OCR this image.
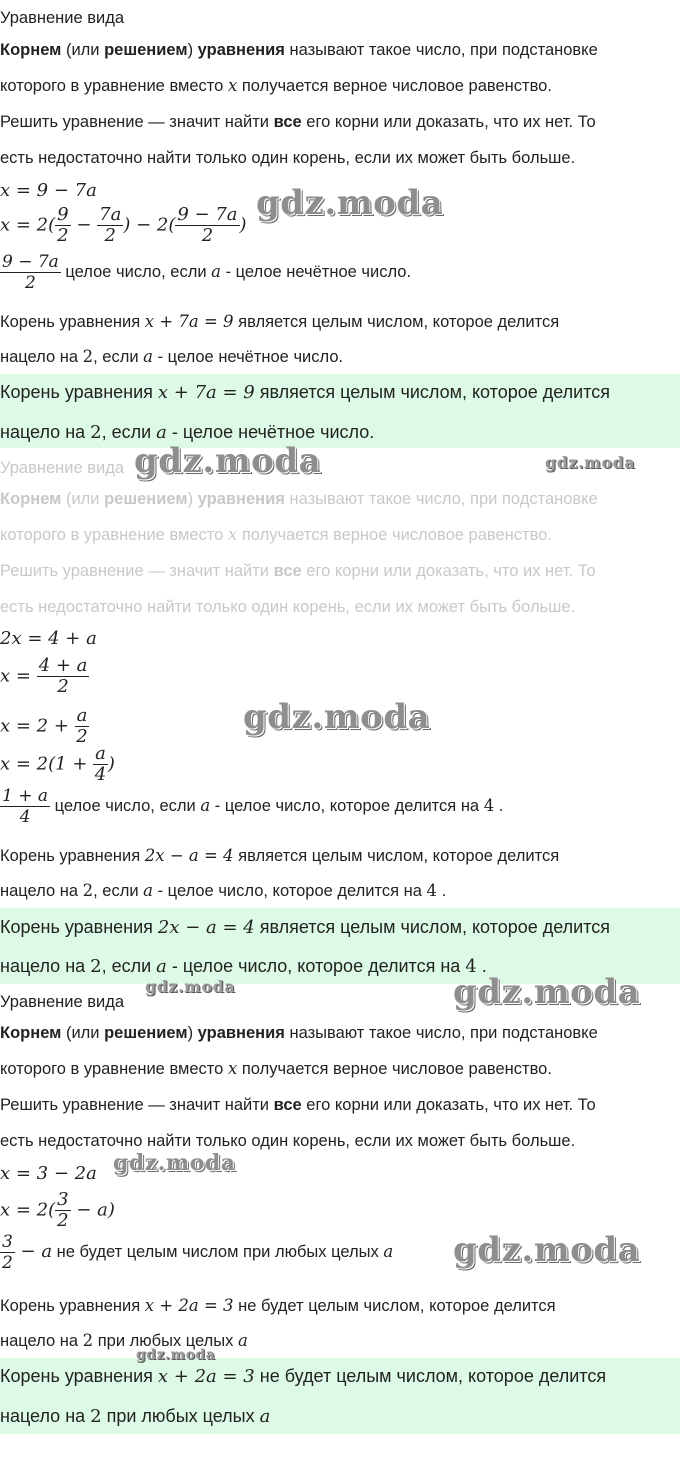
Уравнение вида
Корнем (или решением) уравнения называют такое число, при подстановке
которого в уравнение вместо x получается верное числовое равенство.
Решить уравнение — значит найти все его корни или доказать, что их нет. То
есть недостаточно найти только один корень, если их может быть больше.
x = 9 − 7a
$x = 2( \frac{9}{2} - \frac{7a}{2}$ ) − $2( \frac{9 - 7a}{2}$ )
$\frac{9 - 7a}{2}$ целое число, если a - целое нечётное число.
Корень уравнения x + 7a = 9 является целым числом, которое делится
нацело на 2, если a - целое нечётное число.
Корень уравнения x + 7a = 9 является целым числом, которое делится
нацело на 2, если a - целое нечётное число.
Уравнение вида
Корнем (или решением) уравнения называют такое число, при подстановке
которого в уравнение вместо x получается верное числовое равенство.
Решить уравнение — значит найти все его корни или доказать, что их нет. То
есть недостаточно найти только один корень, если их может быть больше.
2x = 4 + a
$x = \frac{4 + a}{2}$
$x = 2 + \frac{a}{2}$
$x = 2(1 + \frac{a}{4}$ )
$\frac{1 + a}{4}$ целое число, если a - целое число, которое делится на 4 .
Корень уравнения 2x − a = 4 является целым числом, которое делится
нацело на 2, если a - целое число, которое делится на 4 .
Корень уравнения 2x − a = 4 является целым числом, которое делится
нацело на 2, если a - целое число, которое делится на 4 .
Уравнение вида
Корнем (или решением) уравнения называют такое число, при подстановке
которого в уравнение вместо x получается верное числовое равенство.
Решить уравнение — значит найти все его корни или доказать, что их нет. То
есть недостаточно найти только один корень, если их может быть больше.
x = 3 − 2a
$x = 2( \frac{3}{2} - a)$
$\frac{3}{2} - a$ не будет целым числом при любых целых a
Корень уравнения x + 2a = 3 не будет целым числом, которое делится
нацело на 2 при любых целых a
Корень уравнения x + 2a = 3 не будет целым числом, которое делится
нацело на 2 при любых целых a
gdz.moda
gdz.moda	gdz.moda
gdz.moda
gdz.moda	gdz.moda
gdz.moda
gdz.moda
gdz.moda
